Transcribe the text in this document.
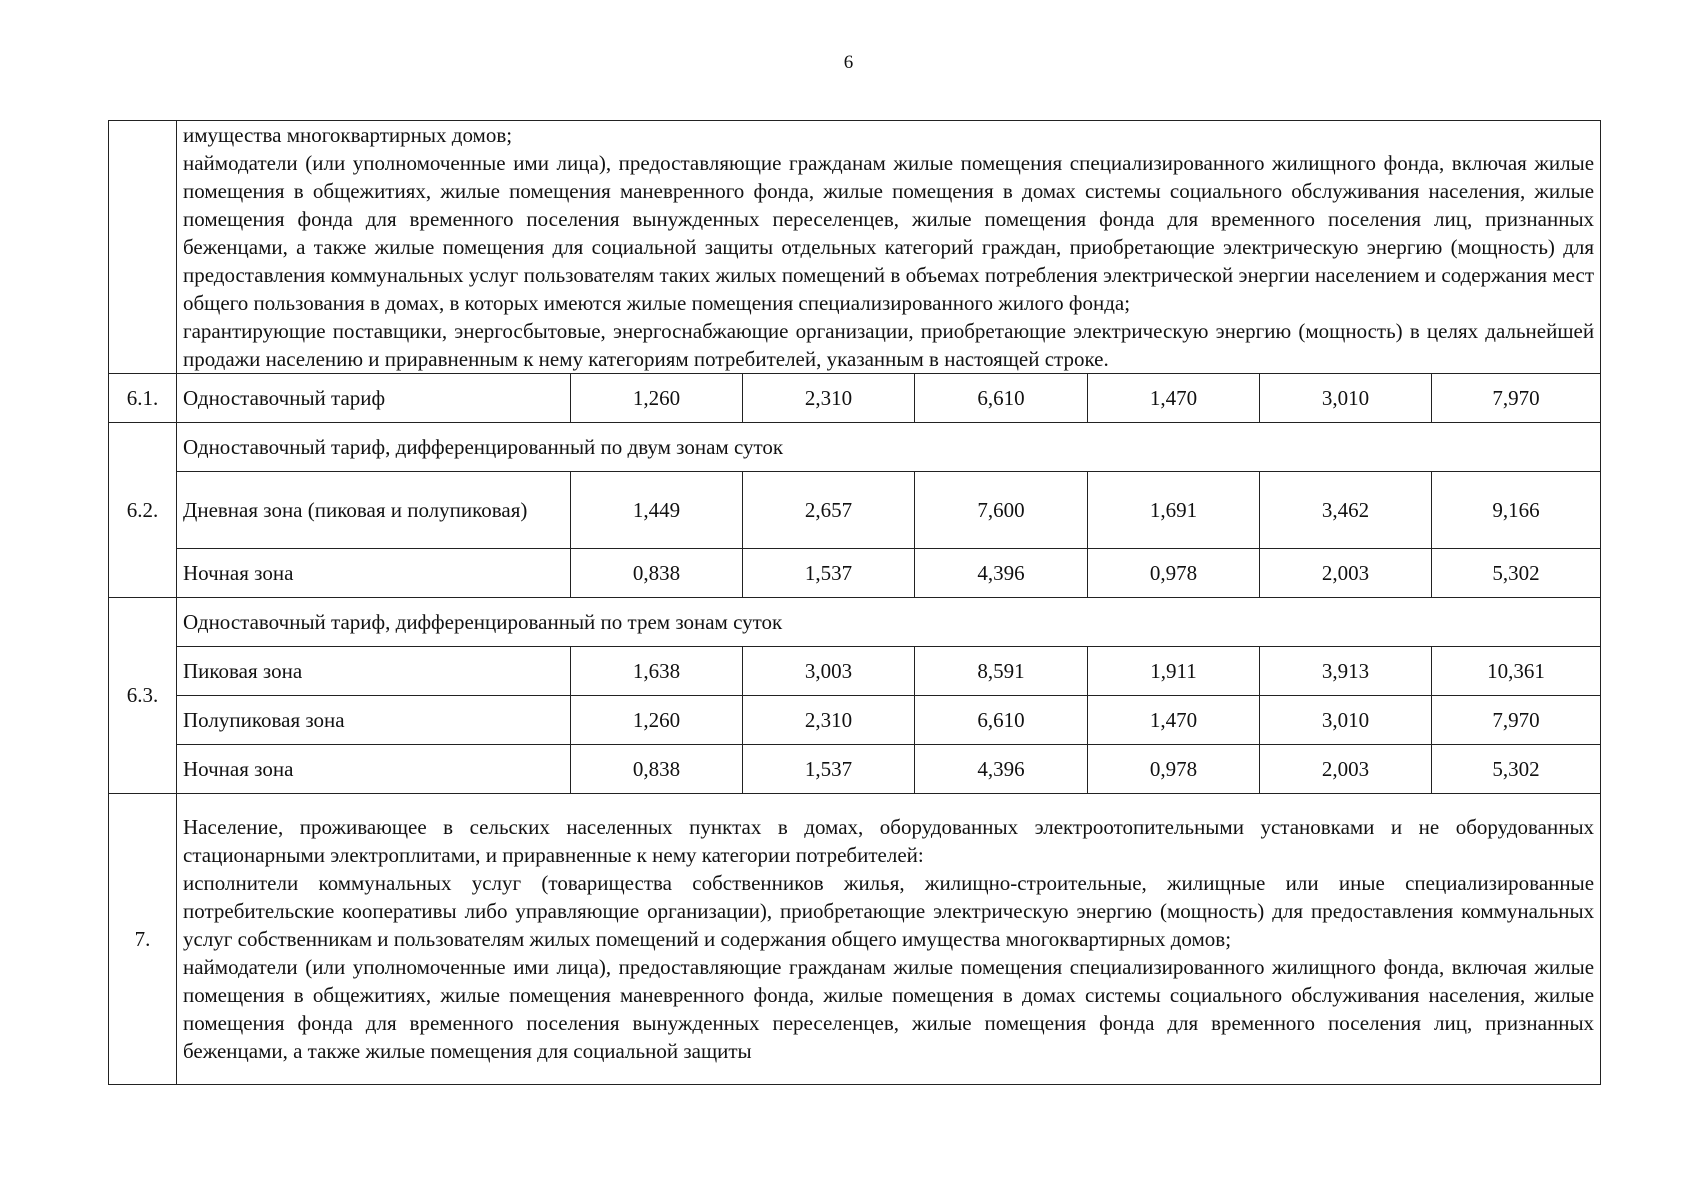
6

	имущества многоквартирных домов;

наймодатели (или уполномоченные ими лица), предоставляющие гражданам жилые помещения специализированного жилищного фонда, включая жилые помещения в общежитиях, жилые помещения маневренного фонда, жилые помещения в домах системы социального обслуживания населения, жилые помещения фонда для временного поселения вынужденных переселенцев, жилые помещения фонда для временного поселения лиц, признанных беженцами, а также жилые помещения для социальной защиты отдельных категорий граждан, приобретающие электрическую энергию (мощность) для предоставления коммунальных услуг пользователям таких жилых помещений в объемах потребления электрической энергии населением и содержания мест общего пользования в домах, в которых имеются жилые помещения специализированного жилого фонда;

гарантирующие поставщики, энергосбытовые, энергоснабжающие организации, приобретающие электрическую энергию (мощность) в целях дальнейшей продажи населению и приравненным к нему категориям потребителей, указанным в настоящей строке.						

6.1.	Одноставочный тариф	1,260	2,310	6,610	1,470	3,010	7,970
6.2.	Одноставочный тариф, дифференцированный по двум зонам суток						
	Дневная зона (пиковая и полупиковая)	1,449	2,657	7,600	1,691	3,462	9,166
	Ночная зона	0,838	1,537	4,396	0,978	2,003	5,302
6.3.	Одноставочный тариф, дифференцированный по трем зонам суток						
	Пиковая зона	1,638	3,003	8,591	1,911	3,913	10,361
	Полупиковая зона	1,260	2,310	6,610	1,470	3,010	7,970
	Ночная зона	0,838	1,537	4,396	0,978	2,003	5,302
7.	Население, проживающее в сельских населенных пунктах в домах, оборудованных электроотопительными установками и не оборудованных стационарными электроплитами, и приравненные к нему категории потребителей:

исполнители коммунальных услуг (товарищества собственников жилья, жилищно-строительные, жилищные или иные специализированные потребительские кооперативы либо управляющие организации), приобретающие электрическую энергию (мощность) для предоставления коммунальных услуг собственникам и пользователям жилых помещений и содержания общего имущества многоквартирных домов;

наймодатели (или уполномоченные ими лица), предоставляющие гражданам жилые помещения специализированного жилищного фонда, включая жилые помещения в общежитиях, жилые помещения маневренного фонда, жилые помещения в домах системы социального обслуживания населения, жилые помещения фонда для временного поселения вынужденных переселенцев, жилые помещения фонда для временного поселения лиц, признанных беженцами, а также жилые помещения для социальной защиты						
